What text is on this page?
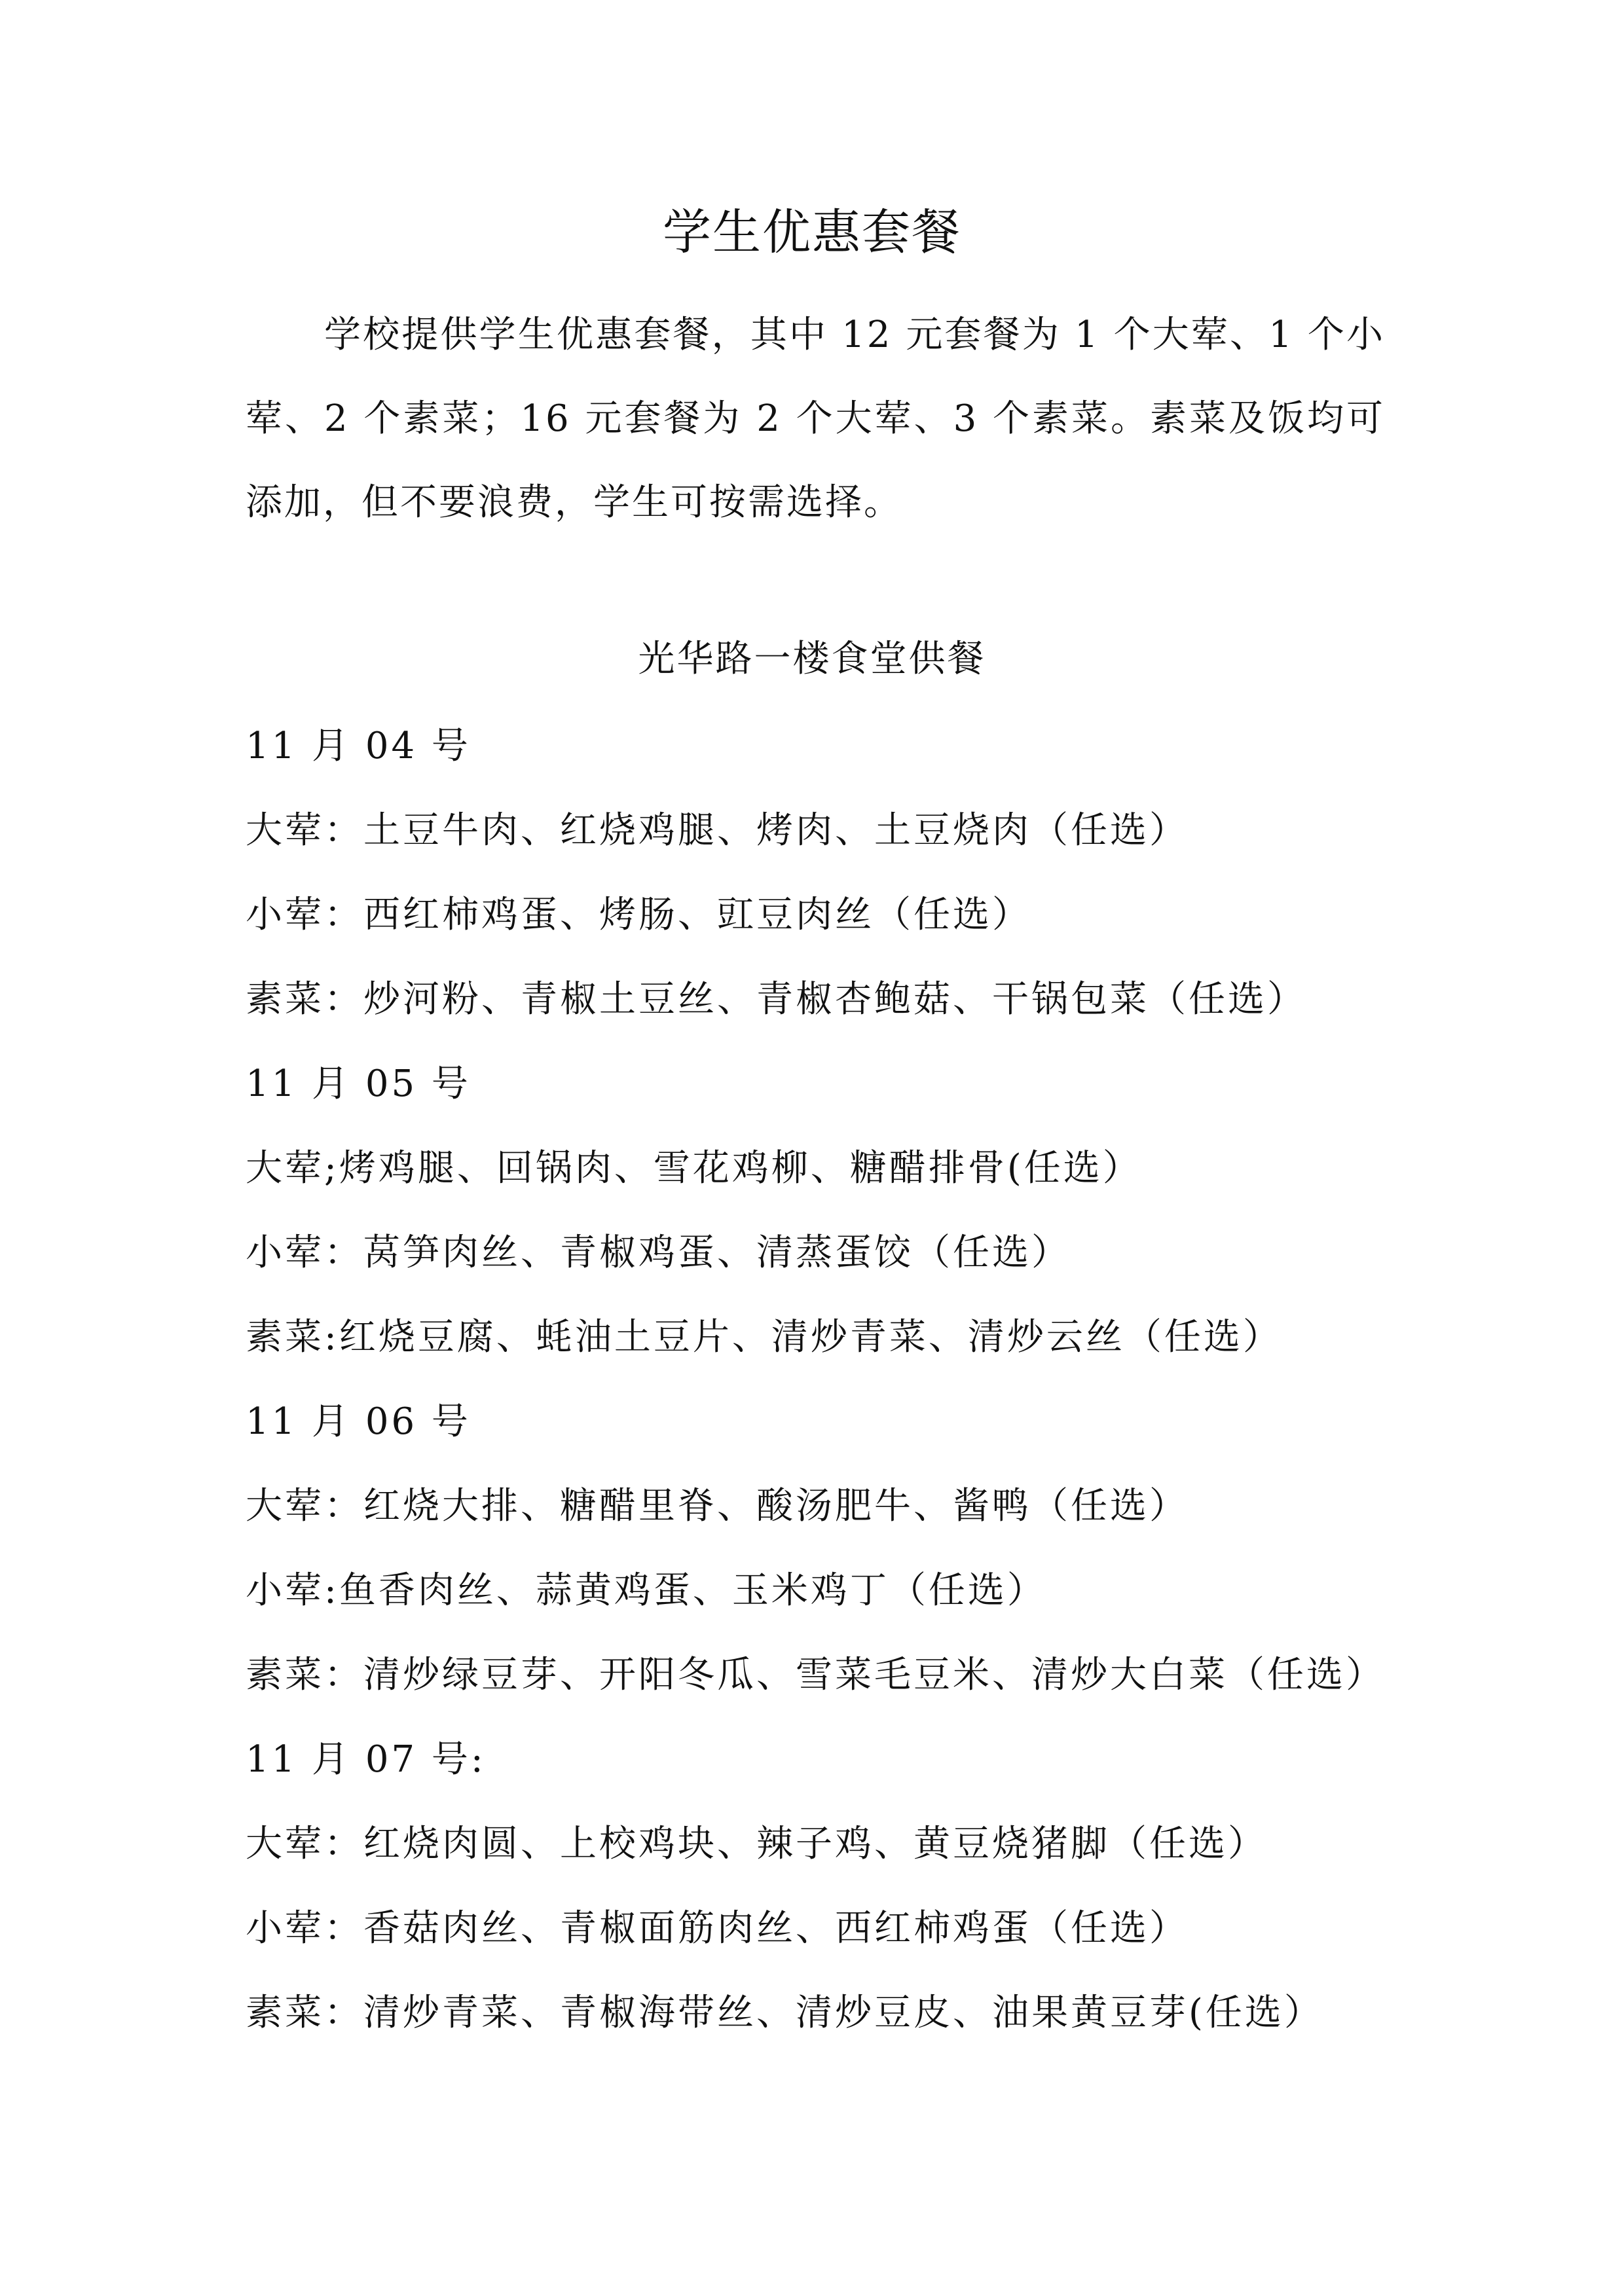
学生优惠套餐
学校提供学生优惠套餐，其中 12 元套餐为 1 个大荤、1 个小荤、2 个素菜；16 元套餐为 2 个大荤、3 个素菜。素菜及饭均可添加，但不要浪费，学生可按需选择。
光华路一楼食堂供餐
11 月 04 号
大荤：土豆牛肉、红烧鸡腿、烤肉、土豆烧肉（任选）
小荤：西红柿鸡蛋、烤肠、豇豆肉丝（任选）
素菜：炒河粉、青椒土豆丝、青椒杏鲍菇、干锅包菜（任选）
11 月 05 号
大荤;烤鸡腿、回锅肉、雪花鸡柳、糖醋排骨(任选）
小荤：莴笋肉丝、青椒鸡蛋、清蒸蛋饺（任选）
素菜:红烧豆腐、蚝油土豆片、清炒青菜、清炒云丝（任选）
11 月 06 号
大荤：红烧大排、糖醋里脊、酸汤肥牛、酱鸭（任选）
小荤:鱼香肉丝、蒜黄鸡蛋、玉米鸡丁（任选）
素菜：清炒绿豆芽、开阳冬瓜、雪菜毛豆米、清炒大白菜（任选）
11 月 07 号:
大荤：红烧肉圆、上校鸡块、辣子鸡、黄豆烧猪脚（任选）
小荤：香菇肉丝、青椒面筋肉丝、西红柿鸡蛋（任选）
素菜：清炒青菜、青椒海带丝、清炒豆皮、油果黄豆芽(任选）
